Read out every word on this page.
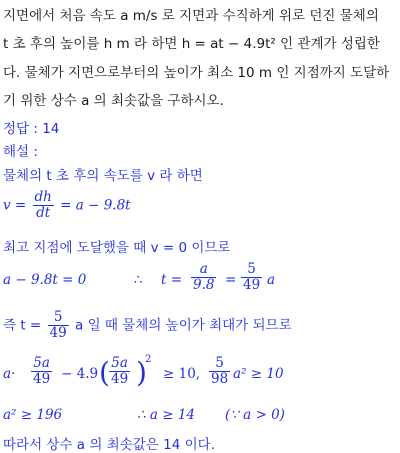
지면에서 처음 속도 a m/s 로 지면과 수직하게 위로 던진 물체의
t 초 후의 높이를 h m 라 하면 h = at − 4.9t² 인 관계가 성립한
다. 물체가 지면으로부터의 높이가 최소 10 m 인 지점까지 도달하
기 위한 상수 a 의 최솟값을 구하시오.
정답 : 14
해설 :
물체의 t 초 후의 속도를 v 라 하면
$v = \frac{dh}{dt} = a - 9.8t$
최고 지점에 도달했을 때 v = 0 이므로
a − 9.8t = 0	∴ $t = \frac{a}{9.8} = \frac{5}{49}$ a
즉 $t = \frac{5}{49}$ a 일 때 물체의 높이가 최대가 되므로
$a\cdot \frac{5a}{49} - 4.9$ ( $\frac{5a}{49}$ )
2
≥ 10, $\frac{5}{98} a^2 \ge 10$
a² ≥ 196	∴ a ≥ 14 (∵ a > 0)
따라서 상수 a 의 최솟값은 14 이다.
